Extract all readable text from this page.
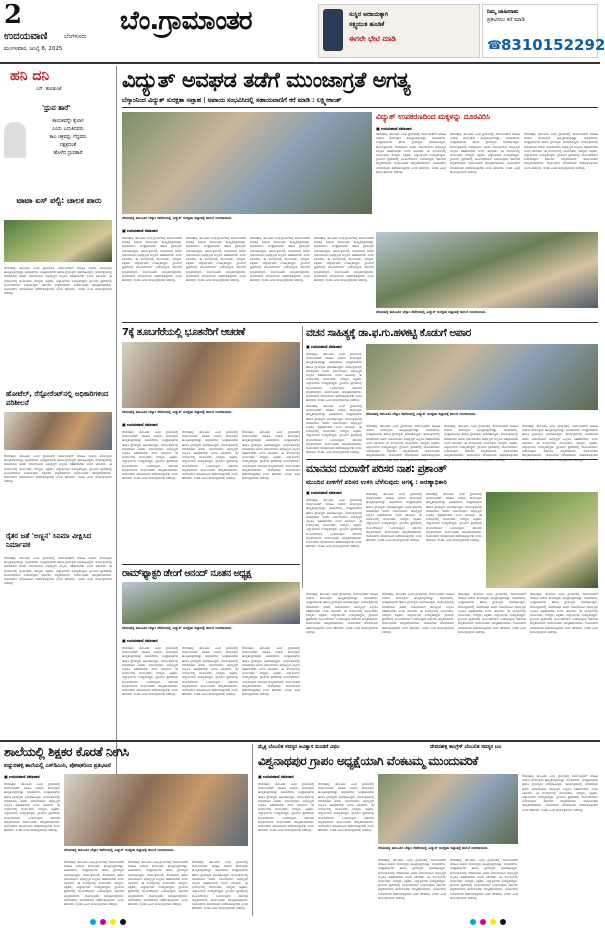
2
ಉದಯವಾಣಿ	ಬೆಂಗಳೂರು
ಮಂಗಳವಾರ, ಜುಲೈ 8, 2025
ಬೆಂ.ಗ್ರಾಮಾಂತರ	ಸುಸ್ಥಿರ ಆದಾಯಕ್ಕಾಗಿ
ಸತ್ತ್ವಯುತ ಹೂಡಿಕೆ
ಈಗಲೇ ಭೇಟಿ ಮಾಡಿ
ನಿಮ್ಮ ಜಾಹೀರಾತು
ಪ್ರಕಟಿಸಲು ಕರೆ ಮಾಡಿ
☎ 8310152292
ಹನಿ ದನಿ
ಎಸ್. ಹುಲಿಕುಂಟೆ
'ಧ್ರುವ ತಾರೆ'
ಕಾಯಕವನ್ನೇ ಕೈಲಾಸ
ಎಂದು ಬದುಕಿದವರು
ಕಾಲ ಚಕ್ರವನ್ನು ಗೆದ್ದವರು
ನಕ್ಷತ್ರದಂತೆ
ಹೊಳೆದ ಧ್ರುವತಾರೆ
ಟಾಟಾ ಏಸ್ ಪಲ್ಟಿ: ಚಾಲಕ ಪಾರು
ದೇವನಹಳ್ಳಿ: ತಾಲೂಕಿನ ವಿವಿಧ ಗ್ರಾಮಗಳಲ್ಲಿ ಸಾರ್ವಜನಿಕರಿಗೆ ಮಾಹಿತಿ ನೀಡುವ ಕಾರ್ಯಕ್ರಮ ಹಮ್ಮಿಕೊಳ್ಳಲಾಗಿತ್ತು. ಅಧಿಕಾರಿಗಳು, ಜನಪ್ರತಿನಿಧಿಗಳು ಹಾಗೂ ಗ್ರಾಮಸ್ಥರು ಭಾಗವಹಿಸಿದ್ದರು. ಕಾರ್ಯಕ್ರಮದಲ್ಲಿ ಮಾತನಾಡಿದ ಅವರು ಸಮುದಾಯದ ಅಭಿವೃದ್ಧಿಗೆ ಎಲ್ಲರೂ ಸಹಕರಿಸಬೇಕು ಎಂದು ತಿಳಿಸಿದರು. ಈ ಸಂದರ್ಭದಲ್ಲಿ ಮುಖಂಡರು, ಸದಸ್ಯರು, ಶಿಕ್ಷಕರು, ವಿದ್ಯಾರ್ಥಿಗಳು ಉಪಸ್ಥಿತರಿದ್ದರು. ಗ್ರಾಮೀಣ ಪ್ರದೇಶದಲ್ಲಿ ಮೂಲಸೌಕರ್ಯ ಒದಗಿಸುವುದು ಸರ್ಕಾರದ ಆದ್ಯತೆಯಾಗಿದೆ. ಸಾರ್ವಜನಿಕರು ಜಾಗೃತರಾಗಿರಬೇಕು. ಯೋಜನೆಗಳ ಸದುಪಯೋಗ ಪಡೆದುಕೊಳ್ಳಬೇಕು ಎಂದು ಹೇಳಿದರು. ನಂತರ ವಿವಿಧ ಕಾರ್ಯಕ್ರಮಗಳು ನಡೆದವು.
ಹೋಟೆಲ್, ರೆಸ್ಟೋರೆಂಟ್‌ನಲ್ಲಿ ಅಧಿಕಾರಿಗಳಿಂದ ಪರಿಶೀಲನೆ
ದೇವನಹಳ್ಳಿ: ತಾಲೂಕಿನ ವಿವಿಧ ಗ್ರಾಮಗಳಲ್ಲಿ ಸಾರ್ವಜನಿಕರಿಗೆ ಮಾಹಿತಿ ನೀಡುವ ಕಾರ್ಯಕ್ರಮ ಹಮ್ಮಿಕೊಳ್ಳಲಾಗಿತ್ತು. ಅಧಿಕಾರಿಗಳು, ಜನಪ್ರತಿನಿಧಿಗಳು ಹಾಗೂ ಗ್ರಾಮಸ್ಥರು ಭಾಗವಹಿಸಿದ್ದರು. ಕಾರ್ಯಕ್ರಮದಲ್ಲಿ ಮಾತನಾಡಿದ ಅವರು ಸಮುದಾಯದ ಅಭಿವೃದ್ಧಿಗೆ ಎಲ್ಲರೂ ಸಹಕರಿಸಬೇಕು ಎಂದು ತಿಳಿಸಿದರು. ಈ ಸಂದರ್ಭದಲ್ಲಿ ಮುಖಂಡರು, ಸದಸ್ಯರು, ಶಿಕ್ಷಕರು, ವಿದ್ಯಾರ್ಥಿಗಳು ಉಪಸ್ಥಿತರಿದ್ದರು. ಗ್ರಾಮೀಣ ಪ್ರದೇಶದಲ್ಲಿ ಮೂಲಸೌಕರ್ಯ ಒದಗಿಸುವುದು ಸರ್ಕಾರದ ಆದ್ಯತೆಯಾಗಿದೆ. ಸಾರ್ವಜನಿಕರು ಜಾಗೃತರಾಗಿರಬೇಕು. ಯೋಜನೆಗಳ ಸದುಪಯೋಗ ಪಡೆದುಕೊಳ್ಳಬೇಕು ಎಂದು ಹೇಳಿದರು. ನಂತರ ವಿವಿಧ ಕಾರ್ಯಕ್ರಮಗಳು ನಡೆದವು.
ರೈತರ ಜತೆ 'ಅಣ್ಣನ' ಸಿನಿಮಾ ವೀಕ್ಷಿಸಿದ ನಿರ್ಮಾಪಕ
ದೇವನಹಳ್ಳಿ: ತಾಲೂಕಿನ ವಿವಿಧ ಗ್ರಾಮಗಳಲ್ಲಿ ಸಾರ್ವಜನಿಕರಿಗೆ ಮಾಹಿತಿ ನೀಡುವ ಕಾರ್ಯಕ್ರಮ ಹಮ್ಮಿಕೊಳ್ಳಲಾಗಿತ್ತು. ಅಧಿಕಾರಿಗಳು, ಜನಪ್ರತಿನಿಧಿಗಳು ಹಾಗೂ ಗ್ರಾಮಸ್ಥರು ಭಾಗವಹಿಸಿದ್ದರು. ಕಾರ್ಯಕ್ರಮದಲ್ಲಿ ಮಾತನಾಡಿದ ಅವರು ಸಮುದಾಯದ ಅಭಿವೃದ್ಧಿಗೆ ಎಲ್ಲರೂ ಸಹಕರಿಸಬೇಕು ಎಂದು ತಿಳಿಸಿದರು. ಈ ಸಂದರ್ಭದಲ್ಲಿ ಮುಖಂಡರು, ಸದಸ್ಯರು, ಶಿಕ್ಷಕರು, ವಿದ್ಯಾರ್ಥಿಗಳು ಉಪಸ್ಥಿತರಿದ್ದರು. ಗ್ರಾಮೀಣ ಪ್ರದೇಶದಲ್ಲಿ ಮೂಲಸೌಕರ್ಯ ಒದಗಿಸುವುದು ಸರ್ಕಾರದ ಆದ್ಯತೆಯಾಗಿದೆ. ಸಾರ್ವಜನಿಕರು ಜಾಗೃತರಾಗಿರಬೇಕು. ಯೋಜನೆಗಳ ಸದುಪಯೋಗ ಪಡೆದುಕೊಳ್ಳಬೇಕು ಎಂದು ಹೇಳಿದರು. ನಂತರ ವಿವಿಧ ಕಾರ್ಯಕ್ರಮಗಳು ನಡೆದವು.
ವಿದ್ಯುತ್ ಅವಘಡ ತಡೆಗೆ ಮುಂಜಾಗ್ರತೆ ಅಗತ್ಯ
ಬೆಸ್ಕಾಂನಿಂದ ವಿದ್ಯುತ್ ಸುರಕ್ಷತಾ ಸಪ್ತಾಹ | ಅಪಾಯ ಸಂಭವಿಸಿದಲ್ಲಿ ಸಹಾಯವಾಣಿಗೆ ಕರೆ ಮಾಡಿ : ಲಕ್ಷ್ಮೀಕಾಂತ್
ದೇವನಹಳ್ಳಿ ತಾಲೂಕಿನ ಬೆಸ್ಕಾಂ ಕಚೇರಿಯಲ್ಲಿ ವಿದ್ಯುತ್ ಸುರಕ್ಷತಾ ಸಪ್ತಾಹಕ್ಕೆ ಚಾಲನೆ ನೀಡಲಾಯಿತು.
ವಿದ್ಯುತ್ ಉಪಕರಣದಿಂದ ಮಕ್ಕಳನ್ನು ದೂರವಿರಿಸಿ
■ ಉದಯವಾಣಿ ಸಮಾಚಾರ
ದೇವನಹಳ್ಳಿ: ತಾಲೂಕಿನ ವಿವಿಧ ಗ್ರಾಮಗಳಲ್ಲಿ ಸಾರ್ವಜನಿಕರಿಗೆ ಮಾಹಿತಿ ನೀಡುವ ಕಾರ್ಯಕ್ರಮ ಹಮ್ಮಿಕೊಳ್ಳಲಾಗಿತ್ತು. ಅಧಿಕಾರಿಗಳು, ಜನಪ್ರತಿನಿಧಿಗಳು ಹಾಗೂ ಗ್ರಾಮಸ್ಥರು ಭಾಗವಹಿಸಿದ್ದರು. ಕಾರ್ಯಕ್ರಮದಲ್ಲಿ ಮಾತನಾಡಿದ ಅವರು ಸಮುದಾಯದ ಅಭಿವೃದ್ಧಿಗೆ ಎಲ್ಲರೂ ಸಹಕರಿಸಬೇಕು ಎಂದು ತಿಳಿಸಿದರು. ಈ ಸಂದರ್ಭದಲ್ಲಿ ಮುಖಂಡರು, ಸದಸ್ಯರು, ಶಿಕ್ಷಕರು, ವಿದ್ಯಾರ್ಥಿಗಳು ಉಪಸ್ಥಿತರಿದ್ದರು. ಗ್ರಾಮೀಣ ಪ್ರದೇಶದಲ್ಲಿ ಮೂಲಸೌಕರ್ಯ ಒದಗಿಸುವುದು ಸರ್ಕಾರದ ಆದ್ಯತೆಯಾಗಿದೆ. ಸಾರ್ವಜನಿಕರು ಜಾಗೃತರಾಗಿರಬೇಕು. ಯೋಜನೆಗಳ ಸದುಪಯೋಗ ಪಡೆದುಕೊಳ್ಳಬೇಕು ಎಂದು ಹೇಳಿದರು. ನಂತರ ವಿವಿಧ ಕಾರ್ಯಕ್ರಮಗಳು ನಡೆದವು.
ದೇವನಹಳ್ಳಿ: ತಾಲೂಕಿನ ವಿವಿಧ ಗ್ರಾಮಗಳಲ್ಲಿ ಸಾರ್ವಜನಿಕರಿಗೆ ಮಾಹಿತಿ ನೀಡುವ ಕಾರ್ಯಕ್ರಮ ಹಮ್ಮಿಕೊಳ್ಳಲಾಗಿತ್ತು. ಅಧಿಕಾರಿಗಳು, ಜನಪ್ರತಿನಿಧಿಗಳು ಹಾಗೂ ಗ್ರಾಮಸ್ಥರು ಭಾಗವಹಿಸಿದ್ದರು. ಕಾರ್ಯಕ್ರಮದಲ್ಲಿ ಮಾತನಾಡಿದ ಅವರು ಸಮುದಾಯದ ಅಭಿವೃದ್ಧಿಗೆ ಎಲ್ಲರೂ ಸಹಕರಿಸಬೇಕು ಎಂದು ತಿಳಿಸಿದರು. ಈ ಸಂದರ್ಭದಲ್ಲಿ ಮುಖಂಡರು, ಸದಸ್ಯರು, ಶಿಕ್ಷಕರು, ವಿದ್ಯಾರ್ಥಿಗಳು ಉಪಸ್ಥಿತರಿದ್ದರು. ಗ್ರಾಮೀಣ ಪ್ರದೇಶದಲ್ಲಿ ಮೂಲಸೌಕರ್ಯ ಒದಗಿಸುವುದು ಸರ್ಕಾರದ ಆದ್ಯತೆಯಾಗಿದೆ. ಸಾರ್ವಜನಿಕರು ಜಾಗೃತರಾಗಿರಬೇಕು. ಯೋಜನೆಗಳ ಸದುಪಯೋಗ ಪಡೆದುಕೊಳ್ಳಬೇಕು ಎಂದು ಹೇಳಿದರು. ನಂತರ ವಿವಿಧ ಕಾರ್ಯಕ್ರಮಗಳು ನಡೆದವು.
ದೇವನಹಳ್ಳಿ: ತಾಲೂಕಿನ ವಿವಿಧ ಗ್ರಾಮಗಳಲ್ಲಿ ಸಾರ್ವಜನಿಕರಿಗೆ ಮಾಹಿತಿ ನೀಡುವ ಕಾರ್ಯಕ್ರಮ ಹಮ್ಮಿಕೊಳ್ಳಲಾಗಿತ್ತು. ಅಧಿಕಾರಿಗಳು, ಜನಪ್ರತಿನಿಧಿಗಳು ಹಾಗೂ ಗ್ರಾಮಸ್ಥರು ಭಾಗವಹಿಸಿದ್ದರು. ಕಾರ್ಯಕ್ರಮದಲ್ಲಿ ಮಾತನಾಡಿದ ಅವರು ಸಮುದಾಯದ ಅಭಿವೃದ್ಧಿಗೆ ಎಲ್ಲರೂ ಸಹಕರಿಸಬೇಕು ಎಂದು ತಿಳಿಸಿದರು. ಈ ಸಂದರ್ಭದಲ್ಲಿ ಮುಖಂಡರು, ಸದಸ್ಯರು, ಶಿಕ್ಷಕರು, ವಿದ್ಯಾರ್ಥಿಗಳು ಉಪಸ್ಥಿತರಿದ್ದರು. ಗ್ರಾಮೀಣ ಪ್ರದೇಶದಲ್ಲಿ ಮೂಲಸೌಕರ್ಯ ಒದಗಿಸುವುದು ಸರ್ಕಾರದ ಆದ್ಯತೆಯಾಗಿದೆ. ಸಾರ್ವಜನಿಕರು ಜಾಗೃತರಾಗಿರಬೇಕು. ಯೋಜನೆಗಳ ಸದುಪಯೋಗ ಪಡೆದುಕೊಳ್ಳಬೇಕು ಎಂದು ಹೇಳಿದರು. ನಂತರ ವಿವಿಧ ಕಾರ್ಯಕ್ರಮಗಳು ನಡೆದವು.
■ ಉದಯವಾಣಿ ಸಮಾಚಾರ
ದೇವನಹಳ್ಳಿ: ತಾಲೂಕಿನ ವಿವಿಧ ಗ್ರಾಮಗಳಲ್ಲಿ ಸಾರ್ವಜನಿಕರಿಗೆ ಮಾಹಿತಿ ನೀಡುವ ಕಾರ್ಯಕ್ರಮ ಹಮ್ಮಿಕೊಳ್ಳಲಾಗಿತ್ತು. ಅಧಿಕಾರಿಗಳು, ಜನಪ್ರತಿನಿಧಿಗಳು ಹಾಗೂ ಗ್ರಾಮಸ್ಥರು ಭಾಗವಹಿಸಿದ್ದರು. ಕಾರ್ಯಕ್ರಮದಲ್ಲಿ ಮಾತನಾಡಿದ ಅವರು ಸಮುದಾಯದ ಅಭಿವೃದ್ಧಿಗೆ ಎಲ್ಲರೂ ಸಹಕರಿಸಬೇಕು ಎಂದು ತಿಳಿಸಿದರು. ಈ ಸಂದರ್ಭದಲ್ಲಿ ಮುಖಂಡರು, ಸದಸ್ಯರು, ಶಿಕ್ಷಕರು, ವಿದ್ಯಾರ್ಥಿಗಳು ಉಪಸ್ಥಿತರಿದ್ದರು. ಗ್ರಾಮೀಣ ಪ್ರದೇಶದಲ್ಲಿ ಮೂಲಸೌಕರ್ಯ ಒದಗಿಸುವುದು ಸರ್ಕಾರದ ಆದ್ಯತೆಯಾಗಿದೆ. ಸಾರ್ವಜನಿಕರು ಜಾಗೃತರಾಗಿರಬೇಕು. ಯೋಜನೆಗಳ ಸದುಪಯೋಗ ಪಡೆದುಕೊಳ್ಳಬೇಕು ಎಂದು ಹೇಳಿದರು. ನಂತರ ವಿವಿಧ ಕಾರ್ಯಕ್ರಮಗಳು ನಡೆದವು.
ದೇವನಹಳ್ಳಿ: ತಾಲೂಕಿನ ವಿವಿಧ ಗ್ರಾಮಗಳಲ್ಲಿ ಸಾರ್ವಜನಿಕರಿಗೆ ಮಾಹಿತಿ ನೀಡುವ ಕಾರ್ಯಕ್ರಮ ಹಮ್ಮಿಕೊಳ್ಳಲಾಗಿತ್ತು. ಅಧಿಕಾರಿಗಳು, ಜನಪ್ರತಿನಿಧಿಗಳು ಹಾಗೂ ಗ್ರಾಮಸ್ಥರು ಭಾಗವಹಿಸಿದ್ದರು. ಕಾರ್ಯಕ್ರಮದಲ್ಲಿ ಮಾತನಾಡಿದ ಅವರು ಸಮುದಾಯದ ಅಭಿವೃದ್ಧಿಗೆ ಎಲ್ಲರೂ ಸಹಕರಿಸಬೇಕು ಎಂದು ತಿಳಿಸಿದರು. ಈ ಸಂದರ್ಭದಲ್ಲಿ ಮುಖಂಡರು, ಸದಸ್ಯರು, ಶಿಕ್ಷಕರು, ವಿದ್ಯಾರ್ಥಿಗಳು ಉಪಸ್ಥಿತರಿದ್ದರು. ಗ್ರಾಮೀಣ ಪ್ರದೇಶದಲ್ಲಿ ಮೂಲಸೌಕರ್ಯ ಒದಗಿಸುವುದು ಸರ್ಕಾರದ ಆದ್ಯತೆಯಾಗಿದೆ. ಸಾರ್ವಜನಿಕರು ಜಾಗೃತರಾಗಿರಬೇಕು. ಯೋಜನೆಗಳ ಸದುಪಯೋಗ ಪಡೆದುಕೊಳ್ಳಬೇಕು ಎಂದು ಹೇಳಿದರು. ನಂತರ ವಿವಿಧ ಕಾರ್ಯಕ್ರಮಗಳು ನಡೆದವು.
ದೇವನಹಳ್ಳಿ: ತಾಲೂಕಿನ ವಿವಿಧ ಗ್ರಾಮಗಳಲ್ಲಿ ಸಾರ್ವಜನಿಕರಿಗೆ ಮಾಹಿತಿ ನೀಡುವ ಕಾರ್ಯಕ್ರಮ ಹಮ್ಮಿಕೊಳ್ಳಲಾಗಿತ್ತು. ಅಧಿಕಾರಿಗಳು, ಜನಪ್ರತಿನಿಧಿಗಳು ಹಾಗೂ ಗ್ರಾಮಸ್ಥರು ಭಾಗವಹಿಸಿದ್ದರು. ಕಾರ್ಯಕ್ರಮದಲ್ಲಿ ಮಾತನಾಡಿದ ಅವರು ಸಮುದಾಯದ ಅಭಿವೃದ್ಧಿಗೆ ಎಲ್ಲರೂ ಸಹಕರಿಸಬೇಕು ಎಂದು ತಿಳಿಸಿದರು. ಈ ಸಂದರ್ಭದಲ್ಲಿ ಮುಖಂಡರು, ಸದಸ್ಯರು, ಶಿಕ್ಷಕರು, ವಿದ್ಯಾರ್ಥಿಗಳು ಉಪಸ್ಥಿತರಿದ್ದರು. ಗ್ರಾಮೀಣ ಪ್ರದೇಶದಲ್ಲಿ ಮೂಲಸೌಕರ್ಯ ಒದಗಿಸುವುದು ಸರ್ಕಾರದ ಆದ್ಯತೆಯಾಗಿದೆ. ಸಾರ್ವಜನಿಕರು ಜಾಗೃತರಾಗಿರಬೇಕು. ಯೋಜನೆಗಳ ಸದುಪಯೋಗ ಪಡೆದುಕೊಳ್ಳಬೇಕು ಎಂದು ಹೇಳಿದರು. ನಂತರ ವಿವಿಧ ಕಾರ್ಯಕ್ರಮಗಳು ನಡೆದವು.
ದೇವನಹಳ್ಳಿ: ತಾಲೂಕಿನ ವಿವಿಧ ಗ್ರಾಮಗಳಲ್ಲಿ ಸಾರ್ವಜನಿಕರಿಗೆ ಮಾಹಿತಿ ನೀಡುವ ಕಾರ್ಯಕ್ರಮ ಹಮ್ಮಿಕೊಳ್ಳಲಾಗಿತ್ತು. ಅಧಿಕಾರಿಗಳು, ಜನಪ್ರತಿನಿಧಿಗಳು ಹಾಗೂ ಗ್ರಾಮಸ್ಥರು ಭಾಗವಹಿಸಿದ್ದರು. ಕಾರ್ಯಕ್ರಮದಲ್ಲಿ ಮಾತನಾಡಿದ ಅವರು ಸಮುದಾಯದ ಅಭಿವೃದ್ಧಿಗೆ ಎಲ್ಲರೂ ಸಹಕರಿಸಬೇಕು ಎಂದು ತಿಳಿಸಿದರು. ಈ ಸಂದರ್ಭದಲ್ಲಿ ಮುಖಂಡರು, ಸದಸ್ಯರು, ಶಿಕ್ಷಕರು, ವಿದ್ಯಾರ್ಥಿಗಳು ಉಪಸ್ಥಿತರಿದ್ದರು. ಗ್ರಾಮೀಣ ಪ್ರದೇಶದಲ್ಲಿ ಮೂಲಸೌಕರ್ಯ ಒದಗಿಸುವುದು ಸರ್ಕಾರದ ಆದ್ಯತೆಯಾಗಿದೆ. ಸಾರ್ವಜನಿಕರು ಜಾಗೃತರಾಗಿರಬೇಕು. ಯೋಜನೆಗಳ ಸದುಪಯೋಗ ಪಡೆದುಕೊಳ್ಳಬೇಕು ಎಂದು ಹೇಳಿದರು. ನಂತರ ವಿವಿಧ ಕಾರ್ಯಕ್ರಮಗಳು ನಡೆದವು.
ದೇವನಹಳ್ಳಿ ತಾಲೂಕಿನ ಬೆಸ್ಕಾಂ ಕಚೇರಿಯಲ್ಲಿ ವಿದ್ಯುತ್ ಸುರಕ್ಷತಾ ಸಪ್ತಾಹಕ್ಕೆ ಚಾಲನೆ ನೀಡಲಾಯಿತು.
7ಕ್ಕೆ ತೂಬಗೆರೆಯಲ್ಲಿ ಭೂತನೆರಿಗೆ ಆಚರಣೆ
ದೇವನಹಳ್ಳಿ ತಾಲೂಕಿನ ಬೆಸ್ಕಾಂ ಕಚೇರಿಯಲ್ಲಿ ವಿದ್ಯುತ್ ಸುರಕ್ಷತಾ ಸಪ್ತಾಹಕ್ಕೆ ಚಾಲನೆ ನೀಡಲಾಯಿತು.
■ ಉದಯವಾಣಿ ಸಮಾಚಾರ
ದೇವನಹಳ್ಳಿ: ತಾಲೂಕಿನ ವಿವಿಧ ಗ್ರಾಮಗಳಲ್ಲಿ ಸಾರ್ವಜನಿಕರಿಗೆ ಮಾಹಿತಿ ನೀಡುವ ಕಾರ್ಯಕ್ರಮ ಹಮ್ಮಿಕೊಳ್ಳಲಾಗಿತ್ತು. ಅಧಿಕಾರಿಗಳು, ಜನಪ್ರತಿನಿಧಿಗಳು ಹಾಗೂ ಗ್ರಾಮಸ್ಥರು ಭಾಗವಹಿಸಿದ್ದರು. ಕಾರ್ಯಕ್ರಮದಲ್ಲಿ ಮಾತನಾಡಿದ ಅವರು ಸಮುದಾಯದ ಅಭಿವೃದ್ಧಿಗೆ ಎಲ್ಲರೂ ಸಹಕರಿಸಬೇಕು ಎಂದು ತಿಳಿಸಿದರು. ಈ ಸಂದರ್ಭದಲ್ಲಿ ಮುಖಂಡರು, ಸದಸ್ಯರು, ಶಿಕ್ಷಕರು, ವಿದ್ಯಾರ್ಥಿಗಳು ಉಪಸ್ಥಿತರಿದ್ದರು. ಗ್ರಾಮೀಣ ಪ್ರದೇಶದಲ್ಲಿ ಮೂಲಸೌಕರ್ಯ ಒದಗಿಸುವುದು ಸರ್ಕಾರದ ಆದ್ಯತೆಯಾಗಿದೆ. ಸಾರ್ವಜನಿಕರು ಜಾಗೃತರಾಗಿರಬೇಕು. ಯೋಜನೆಗಳ ಸದುಪಯೋಗ ಪಡೆದುಕೊಳ್ಳಬೇಕು ಎಂದು ಹೇಳಿದರು. ನಂತರ ವಿವಿಧ ಕಾರ್ಯಕ್ರಮಗಳು ನಡೆದವು.
ದೇವನಹಳ್ಳಿ: ತಾಲೂಕಿನ ವಿವಿಧ ಗ್ರಾಮಗಳಲ್ಲಿ ಸಾರ್ವಜನಿಕರಿಗೆ ಮಾಹಿತಿ ನೀಡುವ ಕಾರ್ಯಕ್ರಮ ಹಮ್ಮಿಕೊಳ್ಳಲಾಗಿತ್ತು. ಅಧಿಕಾರಿಗಳು, ಜನಪ್ರತಿನಿಧಿಗಳು ಹಾಗೂ ಗ್ರಾಮಸ್ಥರು ಭಾಗವಹಿಸಿದ್ದರು. ಕಾರ್ಯಕ್ರಮದಲ್ಲಿ ಮಾತನಾಡಿದ ಅವರು ಸಮುದಾಯದ ಅಭಿವೃದ್ಧಿಗೆ ಎಲ್ಲರೂ ಸಹಕರಿಸಬೇಕು ಎಂದು ತಿಳಿಸಿದರು. ಈ ಸಂದರ್ಭದಲ್ಲಿ ಮುಖಂಡರು, ಸದಸ್ಯರು, ಶಿಕ್ಷಕರು, ವಿದ್ಯಾರ್ಥಿಗಳು ಉಪಸ್ಥಿತರಿದ್ದರು. ಗ್ರಾಮೀಣ ಪ್ರದೇಶದಲ್ಲಿ ಮೂಲಸೌಕರ್ಯ ಒದಗಿಸುವುದು ಸರ್ಕಾರದ ಆದ್ಯತೆಯಾಗಿದೆ. ಸಾರ್ವಜನಿಕರು ಜಾಗೃತರಾಗಿರಬೇಕು. ಯೋಜನೆಗಳ ಸದುಪಯೋಗ ಪಡೆದುಕೊಳ್ಳಬೇಕು ಎಂದು ಹೇಳಿದರು. ನಂತರ ವಿವಿಧ ಕಾರ್ಯಕ್ರಮಗಳು ನಡೆದವು.
ದೇವನಹಳ್ಳಿ: ತಾಲೂಕಿನ ವಿವಿಧ ಗ್ರಾಮಗಳಲ್ಲಿ ಸಾರ್ವಜನಿಕರಿಗೆ ಮಾಹಿತಿ ನೀಡುವ ಕಾರ್ಯಕ್ರಮ ಹಮ್ಮಿಕೊಳ್ಳಲಾಗಿತ್ತು. ಅಧಿಕಾರಿಗಳು, ಜನಪ್ರತಿನಿಧಿಗಳು ಹಾಗೂ ಗ್ರಾಮಸ್ಥರು ಭಾಗವಹಿಸಿದ್ದರು. ಕಾರ್ಯಕ್ರಮದಲ್ಲಿ ಮಾತನಾಡಿದ ಅವರು ಸಮುದಾಯದ ಅಭಿವೃದ್ಧಿಗೆ ಎಲ್ಲರೂ ಸಹಕರಿಸಬೇಕು ಎಂದು ತಿಳಿಸಿದರು. ಈ ಸಂದರ್ಭದಲ್ಲಿ ಮುಖಂಡರು, ಸದಸ್ಯರು, ಶಿಕ್ಷಕರು, ವಿದ್ಯಾರ್ಥಿಗಳು ಉಪಸ್ಥಿತರಿದ್ದರು. ಗ್ರಾಮೀಣ ಪ್ರದೇಶದಲ್ಲಿ ಮೂಲಸೌಕರ್ಯ ಒದಗಿಸುವುದು ಸರ್ಕಾರದ ಆದ್ಯತೆಯಾಗಿದೆ. ಸಾರ್ವಜನಿಕರು ಜಾಗೃತರಾಗಿರಬೇಕು. ಯೋಜನೆಗಳ ಸದುಪಯೋಗ ಪಡೆದುಕೊಳ್ಳಬೇಕು ಎಂದು ಹೇಳಿದರು. ನಂತರ ವಿವಿಧ ಕಾರ್ಯಕ್ರಮಗಳು ನಡೆದವು.
ವಚನ ಸಾಹಿತ್ಯಕ್ಕೆ ಡಾ.ಫ.ಗು.ಹಳಕಟ್ಟಿ ಕೊಡುಗೆ ಅಪಾರ
■ ಉದಯವಾಣಿ ಸಮಾಚಾರ
ದೇವನಹಳ್ಳಿ: ತಾಲೂಕಿನ ವಿವಿಧ ಗ್ರಾಮಗಳಲ್ಲಿ ಸಾರ್ವಜನಿಕರಿಗೆ ಮಾಹಿತಿ ನೀಡುವ ಕಾರ್ಯಕ್ರಮ ಹಮ್ಮಿಕೊಳ್ಳಲಾಗಿತ್ತು. ಅಧಿಕಾರಿಗಳು, ಜನಪ್ರತಿನಿಧಿಗಳು ಹಾಗೂ ಗ್ರಾಮಸ್ಥರು ಭಾಗವಹಿಸಿದ್ದರು. ಕಾರ್ಯಕ್ರಮದಲ್ಲಿ ಮಾತನಾಡಿದ ಅವರು ಸಮುದಾಯದ ಅಭಿವೃದ್ಧಿಗೆ ಎಲ್ಲರೂ ಸಹಕರಿಸಬೇಕು ಎಂದು ತಿಳಿಸಿದರು. ಈ ಸಂದರ್ಭದಲ್ಲಿ ಮುಖಂಡರು, ಸದಸ್ಯರು, ಶಿಕ್ಷಕರು, ವಿದ್ಯಾರ್ಥಿಗಳು ಉಪಸ್ಥಿತರಿದ್ದರು. ಗ್ರಾಮೀಣ ಪ್ರದೇಶದಲ್ಲಿ ಮೂಲಸೌಕರ್ಯ ಒದಗಿಸುವುದು ಸರ್ಕಾರದ ಆದ್ಯತೆಯಾಗಿದೆ. ಸಾರ್ವಜನಿಕರು ಜಾಗೃತರಾಗಿರಬೇಕು. ಯೋಜನೆಗಳ ಸದುಪಯೋಗ ಪಡೆದುಕೊಳ್ಳಬೇಕು ಎಂದು ಹೇಳಿದರು. ನಂತರ ವಿವಿಧ ಕಾರ್ಯಕ್ರಮಗಳು ನಡೆದವು.
ದೇವನಹಳ್ಳಿ ತಾಲೂಕಿನ ಬೆಸ್ಕಾಂ ಕಚೇರಿಯಲ್ಲಿ ವಿದ್ಯುತ್ ಸುರಕ್ಷತಾ ಸಪ್ತಾಹಕ್ಕೆ ಚಾಲನೆ ನೀಡಲಾಯಿತು.
ದೇವನಹಳ್ಳಿ: ತಾಲೂಕಿನ ವಿವಿಧ ಗ್ರಾಮಗಳಲ್ಲಿ ಸಾರ್ವಜನಿಕರಿಗೆ ಮಾಹಿತಿ ನೀಡುವ ಕಾರ್ಯಕ್ರಮ ಹಮ್ಮಿಕೊಳ್ಳಲಾಗಿತ್ತು. ಅಧಿಕಾರಿಗಳು, ಜನಪ್ರತಿನಿಧಿಗಳು ಹಾಗೂ ಗ್ರಾಮಸ್ಥರು ಭಾಗವಹಿಸಿದ್ದರು. ಕಾರ್ಯಕ್ರಮದಲ್ಲಿ ಮಾತನಾಡಿದ ಅವರು ಸಮುದಾಯದ ಅಭಿವೃದ್ಧಿಗೆ ಎಲ್ಲರೂ ಸಹಕರಿಸಬೇಕು ಎಂದು ತಿಳಿಸಿದರು. ಈ ಸಂದರ್ಭದಲ್ಲಿ ಮುಖಂಡರು, ಸದಸ್ಯರು, ಶಿಕ್ಷಕರು, ವಿದ್ಯಾರ್ಥಿಗಳು ಉಪಸ್ಥಿತರಿದ್ದರು. ಗ್ರಾಮೀಣ ಪ್ರದೇಶದಲ್ಲಿ ಮೂಲಸೌಕರ್ಯ ಒದಗಿಸುವುದು ಸರ್ಕಾರದ ಆದ್ಯತೆಯಾಗಿದೆ. ಸಾರ್ವಜನಿಕರು ಜಾಗೃತರಾಗಿರಬೇಕು. ಯೋಜನೆಗಳ ಸದುಪಯೋಗ ಪಡೆದುಕೊಳ್ಳಬೇಕು ಎಂದು ಹೇಳಿದರು. ನಂತರ ವಿವಿಧ ಕಾರ್ಯಕ್ರಮಗಳು ನಡೆದವು.
ದೇವನಹಳ್ಳಿ: ತಾಲೂಕಿನ ವಿವಿಧ ಗ್ರಾಮಗಳಲ್ಲಿ ಸಾರ್ವಜನಿಕರಿಗೆ ಮಾಹಿತಿ ನೀಡುವ ಕಾರ್ಯಕ್ರಮ ಹಮ್ಮಿಕೊಳ್ಳಲಾಗಿತ್ತು. ಅಧಿಕಾರಿಗಳು, ಜನಪ್ರತಿನಿಧಿಗಳು ಹಾಗೂ ಗ್ರಾಮಸ್ಥರು ಭಾಗವಹಿಸಿದ್ದರು. ಕಾರ್ಯಕ್ರಮದಲ್ಲಿ ಮಾತನಾಡಿದ ಅವರು ಸಮುದಾಯದ ಅಭಿವೃದ್ಧಿಗೆ ಎಲ್ಲರೂ ಸಹಕರಿಸಬೇಕು ಎಂದು ತಿಳಿಸಿದರು. ಈ ಸಂದರ್ಭದಲ್ಲಿ ಮುಖಂಡರು, ಸದಸ್ಯರು, ಶಿಕ್ಷಕರು, ವಿದ್ಯಾರ್ಥಿಗಳು ಉಪಸ್ಥಿತರಿದ್ದರು. ಗ್ರಾಮೀಣ ಪ್ರದೇಶದಲ್ಲಿ ಮೂಲಸೌಕರ್ಯ ಒದಗಿಸುವುದು ಸರ್ಕಾರದ ಆದ್ಯತೆಯಾಗಿದೆ. ಸಾರ್ವಜನಿಕರು ಜಾಗೃತರಾಗಿರಬೇಕು. ಯೋಜನೆಗಳ ಸದುಪಯೋಗ ಪಡೆದುಕೊಳ್ಳಬೇಕು
ದೇವನಹಳ್ಳಿ: ತಾಲೂಕಿನ ವಿವಿಧ ಗ್ರಾಮಗಳಲ್ಲಿ ಸಾರ್ವಜನಿಕರಿಗೆ ಮಾಹಿತಿ ನೀಡುವ ಕಾರ್ಯಕ್ರಮ ಹಮ್ಮಿಕೊಳ್ಳಲಾಗಿತ್ತು. ಅಧಿಕಾರಿಗಳು, ಜನಪ್ರತಿನಿಧಿಗಳು ಹಾಗೂ ಗ್ರಾಮಸ್ಥರು ಭಾಗವಹಿಸಿದ್ದರು. ಕಾರ್ಯಕ್ರಮದಲ್ಲಿ ಮಾತನಾಡಿದ ಅವರು ಸಮುದಾಯದ ಅಭಿವೃದ್ಧಿಗೆ ಎಲ್ಲರೂ ಸಹಕರಿಸಬೇಕು ಎಂದು ತಿಳಿಸಿದರು. ಈ ಸಂದರ್ಭದಲ್ಲಿ ಮುಖಂಡರು, ಸದಸ್ಯರು, ಶಿಕ್ಷಕರು, ವಿದ್ಯಾರ್ಥಿಗಳು ಉಪಸ್ಥಿತರಿದ್ದರು. ಗ್ರಾಮೀಣ ಪ್ರದೇಶದಲ್ಲಿ ಮೂಲಸೌಕರ್ಯ ಒದಗಿಸುವುದು ಸರ್ಕಾರದ ಆದ್ಯತೆಯಾಗಿದೆ. ಸಾರ್ವಜನಿಕರು ಜಾಗೃತರಾಗಿರಬೇಕು. ಯೋಜನೆಗಳ ಸದುಪಯೋಗ ಪಡೆದುಕೊಳ್ಳಬೇಕು
ದೇವನಹಳ್ಳಿ: ತಾಲೂಕಿನ ವಿವಿಧ ಗ್ರಾಮಗಳಲ್ಲಿ ಸಾರ್ವಜನಿಕರಿಗೆ ಮಾಹಿತಿ ನೀಡುವ ಕಾರ್ಯಕ್ರಮ ಹಮ್ಮಿಕೊಳ್ಳಲಾಗಿತ್ತು. ಅಧಿಕಾರಿಗಳು, ಜನಪ್ರತಿನಿಧಿಗಳು ಹಾಗೂ ಗ್ರಾಮಸ್ಥರು ಭಾಗವಹಿಸಿದ್ದರು. ಕಾರ್ಯಕ್ರಮದಲ್ಲಿ ಮಾತನಾಡಿದ ಅವರು ಸಮುದಾಯದ ಅಭಿವೃದ್ಧಿಗೆ ಎಲ್ಲರೂ ಸಹಕರಿಸಬೇಕು ಎಂದು ತಿಳಿಸಿದರು. ಈ ಸಂದರ್ಭದಲ್ಲಿ ಮುಖಂಡರು, ಸದಸ್ಯರು, ಶಿಕ್ಷಕರು, ವಿದ್ಯಾರ್ಥಿಗಳು ಉಪಸ್ಥಿತರಿದ್ದರು. ಗ್ರಾಮೀಣ ಪ್ರದೇಶದಲ್ಲಿ ಮೂಲಸೌಕರ್ಯ ಒದಗಿಸುವುದು ಸರ್ಕಾರದ ಆದ್ಯತೆಯಾಗಿದೆ. ಸಾರ್ವಜನಿಕರು ಜಾಗೃತರಾಗಿರಬೇಕು. ಯೋಜನೆಗಳ ಸದುಪಯೋಗ ಪಡೆದುಕೊಳ್ಳಬೇಕು
ಮಾನವನ ದುರಾಸೆಗೆ ಪರಿಸರ ನಾಶ: ಪ್ರಶಾಂತ್
ಮುಂದಿನ ಪೀಳಿಗೆಗೆ ಪರಿಸರ ಉಳಿಸಿ ಬೆಳೆಸುವುದು ಅಗತ್ಯ : ಅರಣ್ಯಾಧಿಕಾರಿ
■ ಉದಯವಾಣಿ ಸಮಾಚಾರ
ದೇವನಹಳ್ಳಿ: ತಾಲೂಕಿನ ವಿವಿಧ ಗ್ರಾಮಗಳಲ್ಲಿ ಸಾರ್ವಜನಿಕರಿಗೆ ಮಾಹಿತಿ ನೀಡುವ ಕಾರ್ಯಕ್ರಮ ಹಮ್ಮಿಕೊಳ್ಳಲಾಗಿತ್ತು. ಅಧಿಕಾರಿಗಳು, ಜನಪ್ರತಿನಿಧಿಗಳು ಹಾಗೂ ಗ್ರಾಮಸ್ಥರು ಭಾಗವಹಿಸಿದ್ದರು. ಕಾರ್ಯಕ್ರಮದಲ್ಲಿ ಮಾತನಾಡಿದ ಅವರು ಸಮುದಾಯದ ಅಭಿವೃದ್ಧಿಗೆ ಎಲ್ಲರೂ ಸಹಕರಿಸಬೇಕು ಎಂದು ತಿಳಿಸಿದರು. ಈ ಸಂದರ್ಭದಲ್ಲಿ ಮುಖಂಡರು, ಸದಸ್ಯರು, ಶಿಕ್ಷಕರು, ವಿದ್ಯಾರ್ಥಿಗಳು ಉಪಸ್ಥಿತರಿದ್ದರು. ಗ್ರಾಮೀಣ ಪ್ರದೇಶದಲ್ಲಿ ಮೂಲಸೌಕರ್ಯ ಒದಗಿಸುವುದು ಸರ್ಕಾರದ ಆದ್ಯತೆಯಾಗಿದೆ. ಸಾರ್ವಜನಿಕರು ಜಾಗೃತರಾಗಿರಬೇಕು. ಯೋಜನೆಗಳ ಸದುಪಯೋಗ ಪಡೆದುಕೊಳ್ಳಬೇಕು ಎಂದು ಹೇಳಿದರು. ನಂತರ ವಿವಿಧ ಕಾರ್ಯಕ್ರಮಗಳು ನಡೆದವು.
ದೇವನಹಳ್ಳಿ: ತಾಲೂಕಿನ ವಿವಿಧ ಗ್ರಾಮಗಳಲ್ಲಿ ಸಾರ್ವಜನಿಕರಿಗೆ ಮಾಹಿತಿ ನೀಡುವ ಕಾರ್ಯಕ್ರಮ ಹಮ್ಮಿಕೊಳ್ಳಲಾಗಿತ್ತು. ಅಧಿಕಾರಿಗಳು, ಜನಪ್ರತಿನಿಧಿಗಳು ಹಾಗೂ ಗ್ರಾಮಸ್ಥರು ಭಾಗವಹಿಸಿದ್ದರು. ಕಾರ್ಯಕ್ರಮದಲ್ಲಿ ಮಾತನಾಡಿದ ಅವರು ಸಮುದಾಯದ ಅಭಿವೃದ್ಧಿಗೆ ಎಲ್ಲರೂ ಸಹಕರಿಸಬೇಕು ಎಂದು ತಿಳಿಸಿದರು. ಈ ಸಂದರ್ಭದಲ್ಲಿ ಮುಖಂಡರು, ಸದಸ್ಯರು, ಶಿಕ್ಷಕರು, ವಿದ್ಯಾರ್ಥಿಗಳು ಉಪಸ್ಥಿತರಿದ್ದರು. ಗ್ರಾಮೀಣ ಪ್ರದೇಶದಲ್ಲಿ ಮೂಲಸೌಕರ್ಯ ಒದಗಿಸುವುದು ಸರ್ಕಾರದ ಆದ್ಯತೆಯಾಗಿದೆ. ಸಾರ್ವಜನಿಕರು ಜಾಗೃತರಾಗಿರಬೇಕು. ಯೋಜನೆಗಳ ಸದುಪಯೋಗ ಪಡೆದುಕೊಳ್ಳಬೇಕು ಎಂದು ಹೇಳಿದರು. ನಂತರ ವಿವಿಧ ಕಾರ್ಯಕ್ರಮಗಳು ನಡೆದವು.
ದೇವನಹಳ್ಳಿ: ತಾಲೂಕಿನ ವಿವಿಧ ಗ್ರಾಮಗಳಲ್ಲಿ ಸಾರ್ವಜನಿಕರಿಗೆ ಮಾಹಿತಿ ನೀಡುವ ಕಾರ್ಯಕ್ರಮ ಹಮ್ಮಿಕೊಳ್ಳಲಾಗಿತ್ತು. ಅಧಿಕಾರಿಗಳು, ಜನಪ್ರತಿನಿಧಿಗಳು ಹಾಗೂ ಗ್ರಾಮಸ್ಥರು ಭಾಗವಹಿಸಿದ್ದರು. ಕಾರ್ಯಕ್ರಮದಲ್ಲಿ ಮಾತನಾಡಿದ ಅವರು ಸಮುದಾಯದ ಅಭಿವೃದ್ಧಿಗೆ ಎಲ್ಲರೂ ಸಹಕರಿಸಬೇಕು ಎಂದು ತಿಳಿಸಿದರು. ಈ ಸಂದರ್ಭದಲ್ಲಿ ಮುಖಂಡರು, ಸದಸ್ಯರು, ಶಿಕ್ಷಕರು, ವಿದ್ಯಾರ್ಥಿಗಳು ಉಪಸ್ಥಿತರಿದ್ದರು. ಗ್ರಾಮೀಣ ಪ್ರದೇಶದಲ್ಲಿ ಮೂಲಸೌಕರ್ಯ ಒದಗಿಸುವುದು ಸರ್ಕಾರದ ಆದ್ಯತೆಯಾಗಿದೆ. ಸಾರ್ವಜನಿಕರು ಜಾಗೃತರಾಗಿರಬೇಕು. ಯೋಜನೆಗಳ ಸದುಪಯೋಗ ಪಡೆದುಕೊಳ್ಳಬೇಕು ಎಂದು ಹೇಳಿದರು. ನಂತರ ವಿವಿಧ ಕಾರ್ಯಕ್ರಮಗಳು ನಡೆದವು.
ರಾಮ್‌ಫ್ಯಾಕ್ಟರಿ ಡೇಂಗೆ ಆನಂದ್ ನೂತನ ಅಧ್ಯಕ್ಷ
ದೇವನಹಳ್ಳಿ ತಾಲೂಕಿನ ಬೆಸ್ಕಾಂ ಕಚೇರಿಯಲ್ಲಿ ವಿದ್ಯುತ್ ಸುರಕ್ಷತಾ ಸಪ್ತಾಹಕ್ಕೆ ಚಾಲನೆ ನೀಡಲಾಯಿತು.
■ ಉದಯವಾಣಿ ಸಮಾಚಾರ
ದೇವನಹಳ್ಳಿ: ತಾಲೂಕಿನ ವಿವಿಧ ಗ್ರಾಮಗಳಲ್ಲಿ ಸಾರ್ವಜನಿಕರಿಗೆ ಮಾಹಿತಿ ನೀಡುವ ಕಾರ್ಯಕ್ರಮ ಹಮ್ಮಿಕೊಳ್ಳಲಾಗಿತ್ತು. ಅಧಿಕಾರಿಗಳು, ಜನಪ್ರತಿನಿಧಿಗಳು ಹಾಗೂ ಗ್ರಾಮಸ್ಥರು ಭಾಗವಹಿಸಿದ್ದರು. ಕಾರ್ಯಕ್ರಮದಲ್ಲಿ ಮಾತನಾಡಿದ ಅವರು ಸಮುದಾಯದ ಅಭಿವೃದ್ಧಿಗೆ ಎಲ್ಲರೂ ಸಹಕರಿಸಬೇಕು ಎಂದು ತಿಳಿಸಿದರು. ಈ ಸಂದರ್ಭದಲ್ಲಿ ಮುಖಂಡರು, ಸದಸ್ಯರು, ಶಿಕ್ಷಕರು, ವಿದ್ಯಾರ್ಥಿಗಳು ಉಪಸ್ಥಿತರಿದ್ದರು. ಗ್ರಾಮೀಣ ಪ್ರದೇಶದಲ್ಲಿ ಮೂಲಸೌಕರ್ಯ ಒದಗಿಸುವುದು ಸರ್ಕಾರದ ಆದ್ಯತೆಯಾಗಿದೆ. ಸಾರ್ವಜನಿಕರು ಜಾಗೃತರಾಗಿರಬೇಕು. ಯೋಜನೆಗಳ ಸದುಪಯೋಗ ಪಡೆದುಕೊಳ್ಳಬೇಕು ಎಂದು ಹೇಳಿದರು. ನಂತರ ವಿವಿಧ ಕಾರ್ಯಕ್ರಮಗಳು ನಡೆದವು.
ದೇವನಹಳ್ಳಿ: ತಾಲೂಕಿನ ವಿವಿಧ ಗ್ರಾಮಗಳಲ್ಲಿ ಸಾರ್ವಜನಿಕರಿಗೆ ಮಾಹಿತಿ ನೀಡುವ ಕಾರ್ಯಕ್ರಮ ಹಮ್ಮಿಕೊಳ್ಳಲಾಗಿತ್ತು. ಅಧಿಕಾರಿಗಳು, ಜನಪ್ರತಿನಿಧಿಗಳು ಹಾಗೂ ಗ್ರಾಮಸ್ಥರು ಭಾಗವಹಿಸಿದ್ದರು. ಕಾರ್ಯಕ್ರಮದಲ್ಲಿ ಮಾತನಾಡಿದ ಅವರು ಸಮುದಾಯದ ಅಭಿವೃದ್ಧಿಗೆ ಎಲ್ಲರೂ ಸಹಕರಿಸಬೇಕು ಎಂದು ತಿಳಿಸಿದರು. ಈ ಸಂದರ್ಭದಲ್ಲಿ ಮುಖಂಡರು, ಸದಸ್ಯರು, ಶಿಕ್ಷಕರು, ವಿದ್ಯಾರ್ಥಿಗಳು ಉಪಸ್ಥಿತರಿದ್ದರು. ಗ್ರಾಮೀಣ ಪ್ರದೇಶದಲ್ಲಿ ಮೂಲಸೌಕರ್ಯ ಒದಗಿಸುವುದು ಸರ್ಕಾರದ ಆದ್ಯತೆಯಾಗಿದೆ. ಸಾರ್ವಜನಿಕರು ಜಾಗೃತರಾಗಿರಬೇಕು. ಯೋಜನೆಗಳ ಸದುಪಯೋಗ ಪಡೆದುಕೊಳ್ಳಬೇಕು ಎಂದು ಹೇಳಿದರು. ನಂತರ ವಿವಿಧ ಕಾರ್ಯಕ್ರಮಗಳು ನಡೆದವು.
ದೇವನಹಳ್ಳಿ: ತಾಲೂಕಿನ ವಿವಿಧ ಗ್ರಾಮಗಳಲ್ಲಿ ಸಾರ್ವಜನಿಕರಿಗೆ ಮಾಹಿತಿ ನೀಡುವ ಕಾರ್ಯಕ್ರಮ ಹಮ್ಮಿಕೊಳ್ಳಲಾಗಿತ್ತು. ಅಧಿಕಾರಿಗಳು, ಜನಪ್ರತಿನಿಧಿಗಳು ಹಾಗೂ ಗ್ರಾಮಸ್ಥರು ಭಾಗವಹಿಸಿದ್ದರು. ಕಾರ್ಯಕ್ರಮದಲ್ಲಿ ಮಾತನಾಡಿದ ಅವರು ಸಮುದಾಯದ ಅಭಿವೃದ್ಧಿಗೆ ಎಲ್ಲರೂ ಸಹಕರಿಸಬೇಕು ಎಂದು ತಿಳಿಸಿದರು. ಈ ಸಂದರ್ಭದಲ್ಲಿ ಮುಖಂಡರು, ಸದಸ್ಯರು, ಶಿಕ್ಷಕರು, ವಿದ್ಯಾರ್ಥಿಗಳು ಉಪಸ್ಥಿತರಿದ್ದರು. ಗ್ರಾಮೀಣ ಪ್ರದೇಶದಲ್ಲಿ ಮೂಲಸೌಕರ್ಯ ಒದಗಿಸುವುದು ಸರ್ಕಾರದ ಆದ್ಯತೆಯಾಗಿದೆ. ಸಾರ್ವಜನಿಕರು ಜಾಗೃತರಾಗಿರಬೇಕು. ಯೋಜನೆಗಳ ಸದುಪಯೋಗ ಪಡೆದುಕೊಳ್ಳಬೇಕು ಎಂದು ಹೇಳಿದರು. ನಂತರ ವಿವಿಧ ಕಾರ್ಯಕ್ರಮಗಳು ನಡೆದವು.
ದೇವನಹಳ್ಳಿ: ತಾಲೂಕಿನ ವಿವಿಧ ಗ್ರಾಮಗಳಲ್ಲಿ ಸಾರ್ವಜನಿಕರಿಗೆ ಮಾಹಿತಿ ನೀಡುವ ಕಾರ್ಯಕ್ರಮ ಹಮ್ಮಿಕೊಳ್ಳಲಾಗಿತ್ತು. ಅಧಿಕಾರಿಗಳು, ಜನಪ್ರತಿನಿಧಿಗಳು ಹಾಗೂ ಗ್ರಾಮಸ್ಥರು ಭಾಗವಹಿಸಿದ್ದರು. ಕಾರ್ಯಕ್ರಮದಲ್ಲಿ ಮಾತನಾಡಿದ ಅವರು ಸಮುದಾಯದ ಅಭಿವೃದ್ಧಿಗೆ ಎಲ್ಲರೂ ಸಹಕರಿಸಬೇಕು ಎಂದು ತಿಳಿಸಿದರು. ಈ ಸಂದರ್ಭದಲ್ಲಿ ಮುಖಂಡರು, ಸದಸ್ಯರು, ಶಿಕ್ಷಕರು, ವಿದ್ಯಾರ್ಥಿಗಳು ಉಪಸ್ಥಿತರಿದ್ದರು. ಗ್ರಾಮೀಣ ಪ್ರದೇಶದಲ್ಲಿ ಮೂಲಸೌಕರ್ಯ ಒದಗಿಸುವುದು ಸರ್ಕಾರದ ಆದ್ಯತೆಯಾಗಿದೆ. ಸಾರ್ವಜನಿಕರು ಜಾಗೃತರಾಗಿರಬೇಕು. ಯೋಜನೆಗಳ ಸದುಪಯೋಗ ಪಡೆದುಕೊಳ್ಳಬೇಕು ಎಂದು ಹೇಳಿದರು. ನಂತರ ವಿವಿಧ ಕಾರ್ಯಕ್ರಮಗಳು ನಡೆದವು.
ದೇವನಹಳ್ಳಿ: ತಾಲೂಕಿನ ವಿವಿಧ ಗ್ರಾಮಗಳಲ್ಲಿ ಸಾರ್ವಜನಿಕರಿಗೆ ಮಾಹಿತಿ ನೀಡುವ ಕಾರ್ಯಕ್ರಮ ಹಮ್ಮಿಕೊಳ್ಳಲಾಗಿತ್ತು. ಅಧಿಕಾರಿಗಳು, ಜನಪ್ರತಿನಿಧಿಗಳು ಹಾಗೂ ಗ್ರಾಮಸ್ಥರು ಭಾಗವಹಿಸಿದ್ದರು. ಕಾರ್ಯಕ್ರಮದಲ್ಲಿ ಮಾತನಾಡಿದ ಅವರು ಸಮುದಾಯದ ಅಭಿವೃದ್ಧಿಗೆ ಎಲ್ಲರೂ ಸಹಕರಿಸಬೇಕು ಎಂದು ತಿಳಿಸಿದರು. ಈ ಸಂದರ್ಭದಲ್ಲಿ ಮುಖಂಡರು, ಸದಸ್ಯರು, ಶಿಕ್ಷಕರು, ವಿದ್ಯಾರ್ಥಿಗಳು ಉಪಸ್ಥಿತರಿದ್ದರು. ಗ್ರಾಮೀಣ ಪ್ರದೇಶದಲ್ಲಿ ಮೂಲಸೌಕರ್ಯ ಒದಗಿಸುವುದು ಸರ್ಕಾರದ ಆದ್ಯತೆಯಾಗಿದೆ. ಸಾರ್ವಜನಿಕರು ಜಾಗೃತರಾಗಿರಬೇಕು. ಯೋಜನೆಗಳ ಸದುಪಯೋಗ ಪಡೆದುಕೊಳ್ಳಬೇಕು ಎಂದು ಹೇಳಿದರು. ನಂತರ ವಿವಿಧ ಕಾರ್ಯಕ್ರಮಗಳು ನಡೆದವು.
ದೇವನಹಳ್ಳಿ: ತಾಲೂಕಿನ ವಿವಿಧ ಗ್ರಾಮಗಳಲ್ಲಿ ಸಾರ್ವಜನಿಕರಿಗೆ ಮಾಹಿತಿ ನೀಡುವ ಕಾರ್ಯಕ್ರಮ ಹಮ್ಮಿಕೊಳ್ಳಲಾಗಿತ್ತು. ಅಧಿಕಾರಿಗಳು, ಜನಪ್ರತಿನಿಧಿಗಳು ಹಾಗೂ ಗ್ರಾಮಸ್ಥರು ಭಾಗವಹಿಸಿದ್ದರು. ಕಾರ್ಯಕ್ರಮದಲ್ಲಿ ಮಾತನಾಡಿದ ಅವರು ಸಮುದಾಯದ ಅಭಿವೃದ್ಧಿಗೆ ಎಲ್ಲರೂ ಸಹಕರಿಸಬೇಕು ಎಂದು ತಿಳಿಸಿದರು. ಈ ಸಂದರ್ಭದಲ್ಲಿ ಮುಖಂಡರು, ಸದಸ್ಯರು, ಶಿಕ್ಷಕರು, ವಿದ್ಯಾರ್ಥಿಗಳು ಉಪಸ್ಥಿತರಿದ್ದರು. ಗ್ರಾಮೀಣ ಪ್ರದೇಶದಲ್ಲಿ ಮೂಲಸೌಕರ್ಯ ಒದಗಿಸುವುದು ಸರ್ಕಾರದ ಆದ್ಯತೆಯಾಗಿದೆ. ಸಾರ್ವಜನಿಕರು ಜಾಗೃತರಾಗಿರಬೇಕು. ಯೋಜನೆಗಳ ಸದುಪಯೋಗ ಪಡೆದುಕೊಳ್ಳಬೇಕು ಎಂದು ಹೇಳಿದರು. ನಂತರ ವಿವಿಧ ಕಾರ್ಯಕ್ರಮಗಳು ನಡೆದವು.
ದೇವನಹಳ್ಳಿ: ತಾಲೂಕಿನ ವಿವಿಧ ಗ್ರಾಮಗಳಲ್ಲಿ ಸಾರ್ವಜನಿಕರಿಗೆ ಮಾಹಿತಿ ನೀಡುವ ಕಾರ್ಯಕ್ರಮ ಹಮ್ಮಿಕೊಳ್ಳಲಾಗಿತ್ತು. ಅಧಿಕಾರಿಗಳು, ಜನಪ್ರತಿನಿಧಿಗಳು ಹಾಗೂ ಗ್ರಾಮಸ್ಥರು ಭಾಗವಹಿಸಿದ್ದರು. ಕಾರ್ಯಕ್ರಮದಲ್ಲಿ ಮಾತನಾಡಿದ ಅವರು ಸಮುದಾಯದ ಅಭಿವೃದ್ಧಿಗೆ ಎಲ್ಲರೂ ಸಹಕರಿಸಬೇಕು ಎಂದು ತಿಳಿಸಿದರು. ಈ ಸಂದರ್ಭದಲ್ಲಿ ಮುಖಂಡರು, ಸದಸ್ಯರು, ಶಿಕ್ಷಕರು, ವಿದ್ಯಾರ್ಥಿಗಳು ಉಪಸ್ಥಿತರಿದ್ದರು. ಗ್ರಾಮೀಣ ಪ್ರದೇಶದಲ್ಲಿ ಮೂಲಸೌಕರ್ಯ ಒದಗಿಸುವುದು ಸರ್ಕಾರದ ಆದ್ಯತೆಯಾಗಿದೆ. ಸಾರ್ವಜನಿಕರು ಜಾಗೃತರಾಗಿರಬೇಕು. ಯೋಜನೆಗಳ ಸದುಪಯೋಗ ಪಡೆದುಕೊಳ್ಳಬೇಕು ಎಂದು ಹೇಳಿದರು. ನಂತರ ವಿವಿಧ ಕಾರ್ಯಕ್ರಮಗಳು ನಡೆದವು.
ಶಾಲೆಯಲ್ಲಿ ಶಿಕ್ಷಕರ ಕೊರತೆ ನೀಗಿಸಿ
ಐದ್ಯುನಹಳ್ಳಿ ಶಾಲೆಯಲ್ಲಿ ಎಸ್‌ಡಿಎಂಸಿ, ಪೋಷಕರಿಂದ ಪ್ರತಿಭಟನೆ
■ ಉದಯವಾಣಿ ಸಮಾಚಾರ
ದೇವನಹಳ್ಳಿ: ತಾಲೂಕಿನ ವಿವಿಧ ಗ್ರಾಮಗಳಲ್ಲಿ ಸಾರ್ವಜನಿಕರಿಗೆ ಮಾಹಿತಿ ನೀಡುವ ಕಾರ್ಯಕ್ರಮ ಹಮ್ಮಿಕೊಳ್ಳಲಾಗಿತ್ತು. ಅಧಿಕಾರಿಗಳು, ಜನಪ್ರತಿನಿಧಿಗಳು ಹಾಗೂ ಗ್ರಾಮಸ್ಥರು ಭಾಗವಹಿಸಿದ್ದರು. ಕಾರ್ಯಕ್ರಮದಲ್ಲಿ ಮಾತನಾಡಿದ ಅವರು ಸಮುದಾಯದ ಅಭಿವೃದ್ಧಿಗೆ ಎಲ್ಲರೂ ಸಹಕರಿಸಬೇಕು ಎಂದು ತಿಳಿಸಿದರು. ಈ ಸಂದರ್ಭದಲ್ಲಿ ಮುಖಂಡರು, ಸದಸ್ಯರು, ಶಿಕ್ಷಕರು, ವಿದ್ಯಾರ್ಥಿಗಳು ಉಪಸ್ಥಿತರಿದ್ದರು. ಗ್ರಾಮೀಣ ಪ್ರದೇಶದಲ್ಲಿ ಮೂಲಸೌಕರ್ಯ ಒದಗಿಸುವುದು ಸರ್ಕಾರದ ಆದ್ಯತೆಯಾಗಿದೆ. ಸಾರ್ವಜನಿಕರು ಜಾಗೃತರಾಗಿರಬೇಕು. ಯೋಜನೆಗಳ ಸದುಪಯೋಗ ಪಡೆದುಕೊಳ್ಳಬೇಕು ಎಂದು ಹೇಳಿದರು. ನಂತರ ವಿವಿಧ ಕಾರ್ಯಕ್ರಮಗಳು ನಡೆದವು.
ದೇವನಹಳ್ಳಿ ತಾಲೂಕಿನ ಬೆಸ್ಕಾಂ ಕಚೇರಿಯಲ್ಲಿ ವಿದ್ಯುತ್ ಸುರಕ್ಷತಾ ಸಪ್ತಾಹಕ್ಕೆ ಚಾಲನೆ ನೀಡಲಾಯಿತು.
ದೇವನಹಳ್ಳಿ: ತಾಲೂಕಿನ ವಿವಿಧ ಗ್ರಾಮಗಳಲ್ಲಿ ಸಾರ್ವಜನಿಕರಿಗೆ ಮಾಹಿತಿ ನೀಡುವ ಕಾರ್ಯಕ್ರಮ ಹಮ್ಮಿಕೊಳ್ಳಲಾಗಿತ್ತು. ಅಧಿಕಾರಿಗಳು, ಜನಪ್ರತಿನಿಧಿಗಳು ಹಾಗೂ ಗ್ರಾಮಸ್ಥರು ಭಾಗವಹಿಸಿದ್ದರು. ಕಾರ್ಯಕ್ರಮದಲ್ಲಿ ಮಾತನಾಡಿದ ಅವರು ಸಮುದಾಯದ ಅಭಿವೃದ್ಧಿಗೆ ಎಲ್ಲರೂ ಸಹಕರಿಸಬೇಕು ಎಂದು ತಿಳಿಸಿದರು. ಈ ಸಂದರ್ಭದಲ್ಲಿ ಮುಖಂಡರು, ಸದಸ್ಯರು, ಶಿಕ್ಷಕರು, ವಿದ್ಯಾರ್ಥಿಗಳು ಉಪಸ್ಥಿತರಿದ್ದರು. ಗ್ರಾಮೀಣ ಪ್ರದೇಶದಲ್ಲಿ ಮೂಲಸೌಕರ್ಯ ಒದಗಿಸುವುದು ಸರ್ಕಾರದ ಆದ್ಯತೆಯಾಗಿದೆ. ಸಾರ್ವಜನಿಕರು ಜಾಗೃತರಾಗಿರಬೇಕು. ಯೋಜನೆಗಳ ಸದುಪಯೋಗ ಪಡೆದುಕೊಳ್ಳಬೇಕು ಎಂದು ಹೇಳಿದರು. ನಂತರ ವಿವಿಧ ಕಾರ್ಯಕ್ರಮಗಳು ನಡೆದವು.
ದೇವನಹಳ್ಳಿ: ತಾಲೂಕಿನ ವಿವಿಧ ಗ್ರಾಮಗಳಲ್ಲಿ ಸಾರ್ವಜನಿಕರಿಗೆ ಮಾಹಿತಿ ನೀಡುವ ಕಾರ್ಯಕ್ರಮ ಹಮ್ಮಿಕೊಳ್ಳಲಾಗಿತ್ತು. ಅಧಿಕಾರಿಗಳು, ಜನಪ್ರತಿನಿಧಿಗಳು ಹಾಗೂ ಗ್ರಾಮಸ್ಥರು ಭಾಗವಹಿಸಿದ್ದರು. ಕಾರ್ಯಕ್ರಮದಲ್ಲಿ ಮಾತನಾಡಿದ ಅವರು ಸಮುದಾಯದ ಅಭಿವೃದ್ಧಿಗೆ ಎಲ್ಲರೂ ಸಹಕರಿಸಬೇಕು ಎಂದು ತಿಳಿಸಿದರು. ಈ ಸಂದರ್ಭದಲ್ಲಿ ಮುಖಂಡರು, ಸದಸ್ಯರು, ಶಿಕ್ಷಕರು, ವಿದ್ಯಾರ್ಥಿಗಳು ಉಪಸ್ಥಿತರಿದ್ದರು. ಗ್ರಾಮೀಣ ಪ್ರದೇಶದಲ್ಲಿ ಮೂಲಸೌಕರ್ಯ ಒದಗಿಸುವುದು ಸರ್ಕಾರದ ಆದ್ಯತೆಯಾಗಿದೆ. ಸಾರ್ವಜನಿಕರು ಜಾಗೃತರಾಗಿರಬೇಕು. ಯೋಜನೆಗಳ ಸದುಪಯೋಗ ಪಡೆದುಕೊಳ್ಳಬೇಕು ಎಂದು ಹೇಳಿದರು. ನಂತರ ವಿವಿಧ ಕಾರ್ಯಕ್ರಮಗಳು ನಡೆದವು.
ದೇವನಹಳ್ಳಿ: ತಾಲೂಕಿನ ವಿವಿಧ ಗ್ರಾಮಗಳಲ್ಲಿ ಸಾರ್ವಜನಿಕರಿಗೆ ಮಾಹಿತಿ ನೀಡುವ ಕಾರ್ಯಕ್ರಮ ಹಮ್ಮಿಕೊಳ್ಳಲಾಗಿತ್ತು. ಅಧಿಕಾರಿಗಳು, ಜನಪ್ರತಿನಿಧಿಗಳು ಹಾಗೂ ಗ್ರಾಮಸ್ಥರು ಭಾಗವಹಿಸಿದ್ದರು. ಕಾರ್ಯಕ್ರಮದಲ್ಲಿ ಮಾತನಾಡಿದ ಅವರು ಸಮುದಾಯದ ಅಭಿವೃದ್ಧಿಗೆ ಎಲ್ಲರೂ ಸಹಕರಿಸಬೇಕು ಎಂದು ತಿಳಿಸಿದರು. ಈ ಸಂದರ್ಭದಲ್ಲಿ ಮುಖಂಡರು, ಸದಸ್ಯರು, ಶಿಕ್ಷಕರು, ವಿದ್ಯಾರ್ಥಿಗಳು ಉಪಸ್ಥಿತರಿದ್ದರು. ಗ್ರಾಮೀಣ ಪ್ರದೇಶದಲ್ಲಿ ಮೂಲಸೌಕರ್ಯ ಒದಗಿಸುವುದು ಸರ್ಕಾರದ ಆದ್ಯತೆಯಾಗಿದೆ. ಸಾರ್ವಜನಿಕರು ಜಾಗೃತರಾಗಿರಬೇಕು. ಯೋಜನೆಗಳ ಸದುಪಯೋಗ ಪಡೆದುಕೊಳ್ಳಬೇಕು ಎಂದು ಹೇಳಿದರು. ನಂತರ ವಿವಿಧ ಕಾರ್ಯಕ್ರಮಗಳು ನಡೆದವು.
ಮೈತ್ರಿ ಬೆಂಬಲಿತ ಸದಸ್ಯರ ಅವಿಶ್ವಾಸ ಮಂಡನೆ ವಿಫಲ	ದೇವನಹಳ್ಳಿ ಕಾಂಗ್ರೆಸ್ ಬೆಂಬಲಿತ ಸದಸ್ಯರ ಬಲ
ವಿಶ್ವನಾಥಪುರ ಗ್ರಾಪಂ ಅಧ್ಯಕ್ಷೆಯಾಗಿ ವೆಂಕಟಮ್ಮ ಮುಂದುವರಿಕೆ
■ ಉದಯವಾಣಿ ಸಮಾಚಾರ
ದೇವನಹಳ್ಳಿ: ತಾಲೂಕಿನ ವಿವಿಧ ಗ್ರಾಮಗಳಲ್ಲಿ ಸಾರ್ವಜನಿಕರಿಗೆ ಮಾಹಿತಿ ನೀಡುವ ಕಾರ್ಯಕ್ರಮ ಹಮ್ಮಿಕೊಳ್ಳಲಾಗಿತ್ತು. ಅಧಿಕಾರಿಗಳು, ಜನಪ್ರತಿನಿಧಿಗಳು ಹಾಗೂ ಗ್ರಾಮಸ್ಥರು ಭಾಗವಹಿಸಿದ್ದರು. ಕಾರ್ಯಕ್ರಮದಲ್ಲಿ ಮಾತನಾಡಿದ ಅವರು ಸಮುದಾಯದ ಅಭಿವೃದ್ಧಿಗೆ ಎಲ್ಲರೂ ಸಹಕರಿಸಬೇಕು ಎಂದು ತಿಳಿಸಿದರು. ಈ ಸಂದರ್ಭದಲ್ಲಿ ಮುಖಂಡರು, ಸದಸ್ಯರು, ಶಿಕ್ಷಕರು, ವಿದ್ಯಾರ್ಥಿಗಳು ಉಪಸ್ಥಿತರಿದ್ದರು. ಗ್ರಾಮೀಣ ಪ್ರದೇಶದಲ್ಲಿ ಮೂಲಸೌಕರ್ಯ ಒದಗಿಸುವುದು ಸರ್ಕಾರದ ಆದ್ಯತೆಯಾಗಿದೆ. ಸಾರ್ವಜನಿಕರು ಜಾಗೃತರಾಗಿರಬೇಕು. ಯೋಜನೆಗಳ ಸದುಪಯೋಗ ಪಡೆದುಕೊಳ್ಳಬೇಕು ಎಂದು ಹೇಳಿದರು. ನಂತರ ವಿವಿಧ ಕಾರ್ಯಕ್ರಮಗಳು ನಡೆದವು.
ದೇವನಹಳ್ಳಿ: ತಾಲೂಕಿನ ವಿವಿಧ ಗ್ರಾಮಗಳಲ್ಲಿ ಸಾರ್ವಜನಿಕರಿಗೆ ಮಾಹಿತಿ ನೀಡುವ ಕಾರ್ಯಕ್ರಮ ಹಮ್ಮಿಕೊಳ್ಳಲಾಗಿತ್ತು. ಅಧಿಕಾರಿಗಳು, ಜನಪ್ರತಿನಿಧಿಗಳು ಹಾಗೂ ಗ್ರಾಮಸ್ಥರು ಭಾಗವಹಿಸಿದ್ದರು. ಕಾರ್ಯಕ್ರಮದಲ್ಲಿ ಮಾತನಾಡಿದ ಅವರು ಸಮುದಾಯದ ಅಭಿವೃದ್ಧಿಗೆ ಎಲ್ಲರೂ ಸಹಕರಿಸಬೇಕು ಎಂದು ತಿಳಿಸಿದರು. ಈ ಸಂದರ್ಭದಲ್ಲಿ ಮುಖಂಡರು, ಸದಸ್ಯರು, ಶಿಕ್ಷಕರು, ವಿದ್ಯಾರ್ಥಿಗಳು ಉಪಸ್ಥಿತರಿದ್ದರು. ಗ್ರಾಮೀಣ ಪ್ರದೇಶದಲ್ಲಿ ಮೂಲಸೌಕರ್ಯ ಒದಗಿಸುವುದು ಸರ್ಕಾರದ ಆದ್ಯತೆಯಾಗಿದೆ. ಸಾರ್ವಜನಿಕರು ಜಾಗೃತರಾಗಿರಬೇಕು. ಯೋಜನೆಗಳ ಸದುಪಯೋಗ ಪಡೆದುಕೊಳ್ಳಬೇಕು ಎಂದು ಹೇಳಿದರು. ನಂತರ ವಿವಿಧ ಕಾರ್ಯಕ್ರಮಗಳು ನಡೆದವು.
ದೇವನಹಳ್ಳಿ ತಾಲೂಕಿನ ಬೆಸ್ಕಾಂ ಕಚೇರಿಯಲ್ಲಿ ವಿದ್ಯುತ್ ಸುರಕ್ಷತಾ ಸಪ್ತಾಹಕ್ಕೆ ಚಾಲನೆ ನೀಡಲಾಯಿತು.
ದೇವನಹಳ್ಳಿ: ತಾಲೂಕಿನ ವಿವಿಧ ಗ್ರಾಮಗಳಲ್ಲಿ ಸಾರ್ವಜನಿಕರಿಗೆ ಮಾಹಿತಿ ನೀಡುವ ಕಾರ್ಯಕ್ರಮ ಹಮ್ಮಿಕೊಳ್ಳಲಾಗಿತ್ತು. ಅಧಿಕಾರಿಗಳು, ಜನಪ್ರತಿನಿಧಿಗಳು ಹಾಗೂ ಗ್ರಾಮಸ್ಥರು ಭಾಗವಹಿಸಿದ್ದರು. ಕಾರ್ಯಕ್ರಮದಲ್ಲಿ ಮಾತನಾಡಿದ ಅವರು ಸಮುದಾಯದ ಅಭಿವೃದ್ಧಿಗೆ ಎಲ್ಲರೂ ಸಹಕರಿಸಬೇಕು ಎಂದು ತಿಳಿಸಿದರು. ಈ ಸಂದರ್ಭದಲ್ಲಿ ಮುಖಂಡರು, ಸದಸ್ಯರು, ಶಿಕ್ಷಕರು, ವಿದ್ಯಾರ್ಥಿಗಳು ಉಪಸ್ಥಿತರಿದ್ದರು. ಗ್ರಾಮೀಣ ಪ್ರದೇಶದಲ್ಲಿ ಮೂಲಸೌಕರ್ಯ ಒದಗಿಸುವುದು ಸರ್ಕಾರದ ಆದ್ಯತೆಯಾಗಿದೆ. ಸಾರ್ವಜನಿಕರು ಜಾಗೃತರಾಗಿರಬೇಕು. ಯೋಜನೆಗಳ ಸದುಪಯೋಗ ಪಡೆದುಕೊಳ್ಳಬೇಕು ಎಂದು ಹೇಳಿದರು. ನಂತರ ವಿವಿಧ ಕಾರ್ಯಕ್ರಮಗಳು ನಡೆದವು.
ದೇವನಹಳ್ಳಿ: ತಾಲೂಕಿನ ವಿವಿಧ ಗ್ರಾಮಗಳಲ್ಲಿ ಸಾರ್ವಜನಿಕರಿಗೆ ಮಾಹಿತಿ ನೀಡುವ ಕಾರ್ಯಕ್ರಮ ಹಮ್ಮಿಕೊಳ್ಳಲಾಗಿತ್ತು. ಅಧಿಕಾರಿಗಳು, ಜನಪ್ರತಿನಿಧಿಗಳು ಹಾಗೂ ಗ್ರಾಮಸ್ಥರು ಭಾಗವಹಿಸಿದ್ದರು. ಕಾರ್ಯಕ್ರಮದಲ್ಲಿ ಮಾತನಾಡಿದ ಅವರು ಸಮುದಾಯದ ಅಭಿವೃದ್ಧಿಗೆ ಎಲ್ಲರೂ ಸಹಕರಿಸಬೇಕು ಎಂದು ತಿಳಿಸಿದರು. ಈ ಸಂದರ್ಭದಲ್ಲಿ ಮುಖಂಡರು, ಸದಸ್ಯರು, ಶಿಕ್ಷಕರು, ವಿದ್ಯಾರ್ಥಿಗಳು ಉಪಸ್ಥಿತರಿದ್ದರು. ಗ್ರಾಮೀಣ ಪ್ರದೇಶದಲ್ಲಿ ಮೂಲಸೌಕರ್ಯ ಒದಗಿಸುವುದು ಸರ್ಕಾರದ ಆದ್ಯತೆಯಾಗಿದೆ. ಸಾರ್ವಜನಿಕರು ಜಾಗೃತರಾಗಿರಬೇಕು. ಯೋಜನೆಗಳ ಸದುಪಯೋಗ ಪಡೆದುಕೊಳ್ಳಬೇಕು ಎಂದು ಹೇಳಿದರು. ನಂತರ ವಿವಿಧ ಕಾರ್ಯಕ್ರಮಗಳು ನಡೆದವು.
ದೇವನಹಳ್ಳಿ: ತಾಲೂಕಿನ ವಿವಿಧ ಗ್ರಾಮಗಳಲ್ಲಿ ಸಾರ್ವಜನಿಕರಿಗೆ ಮಾಹಿತಿ ನೀಡುವ ಕಾರ್ಯಕ್ರಮ ಹಮ್ಮಿಕೊಳ್ಳಲಾಗಿತ್ತು. ಅಧಿಕಾರಿಗಳು, ಜನಪ್ರತಿನಿಧಿಗಳು ಹಾಗೂ ಗ್ರಾಮಸ್ಥರು ಭಾಗವಹಿಸಿದ್ದರು. ಕಾರ್ಯಕ್ರಮದಲ್ಲಿ ಮಾತನಾಡಿದ ಅವರು ಸಮುದಾಯದ ಅಭಿವೃದ್ಧಿಗೆ ಎಲ್ಲರೂ ಸಹಕರಿಸಬೇಕು ಎಂದು ತಿಳಿಸಿದರು. ಈ ಸಂದರ್ಭದಲ್ಲಿ ಮುಖಂಡರು, ಸದಸ್ಯರು, ಶಿಕ್ಷಕರು, ವಿದ್ಯಾರ್ಥಿಗಳು ಉಪಸ್ಥಿತರಿದ್ದರು. ಗ್ರಾಮೀಣ ಪ್ರದೇಶದಲ್ಲಿ ಮೂಲಸೌಕರ್ಯ ಒದಗಿಸುವುದು ಸರ್ಕಾರದ ಆದ್ಯತೆಯಾಗಿದೆ. ಸಾರ್ವಜನಿಕರು ಜಾಗೃತರಾಗಿರಬೇಕು. ಯೋಜನೆಗಳ ಸದುಪಯೋಗ ಪಡೆದುಕೊಳ್ಳಬೇಕು ಎಂದು ಹೇಳಿದರು. ನಂತರ ವಿವಿಧ ಕಾರ್ಯಕ್ರಮಗಳು ನಡೆದವು.
